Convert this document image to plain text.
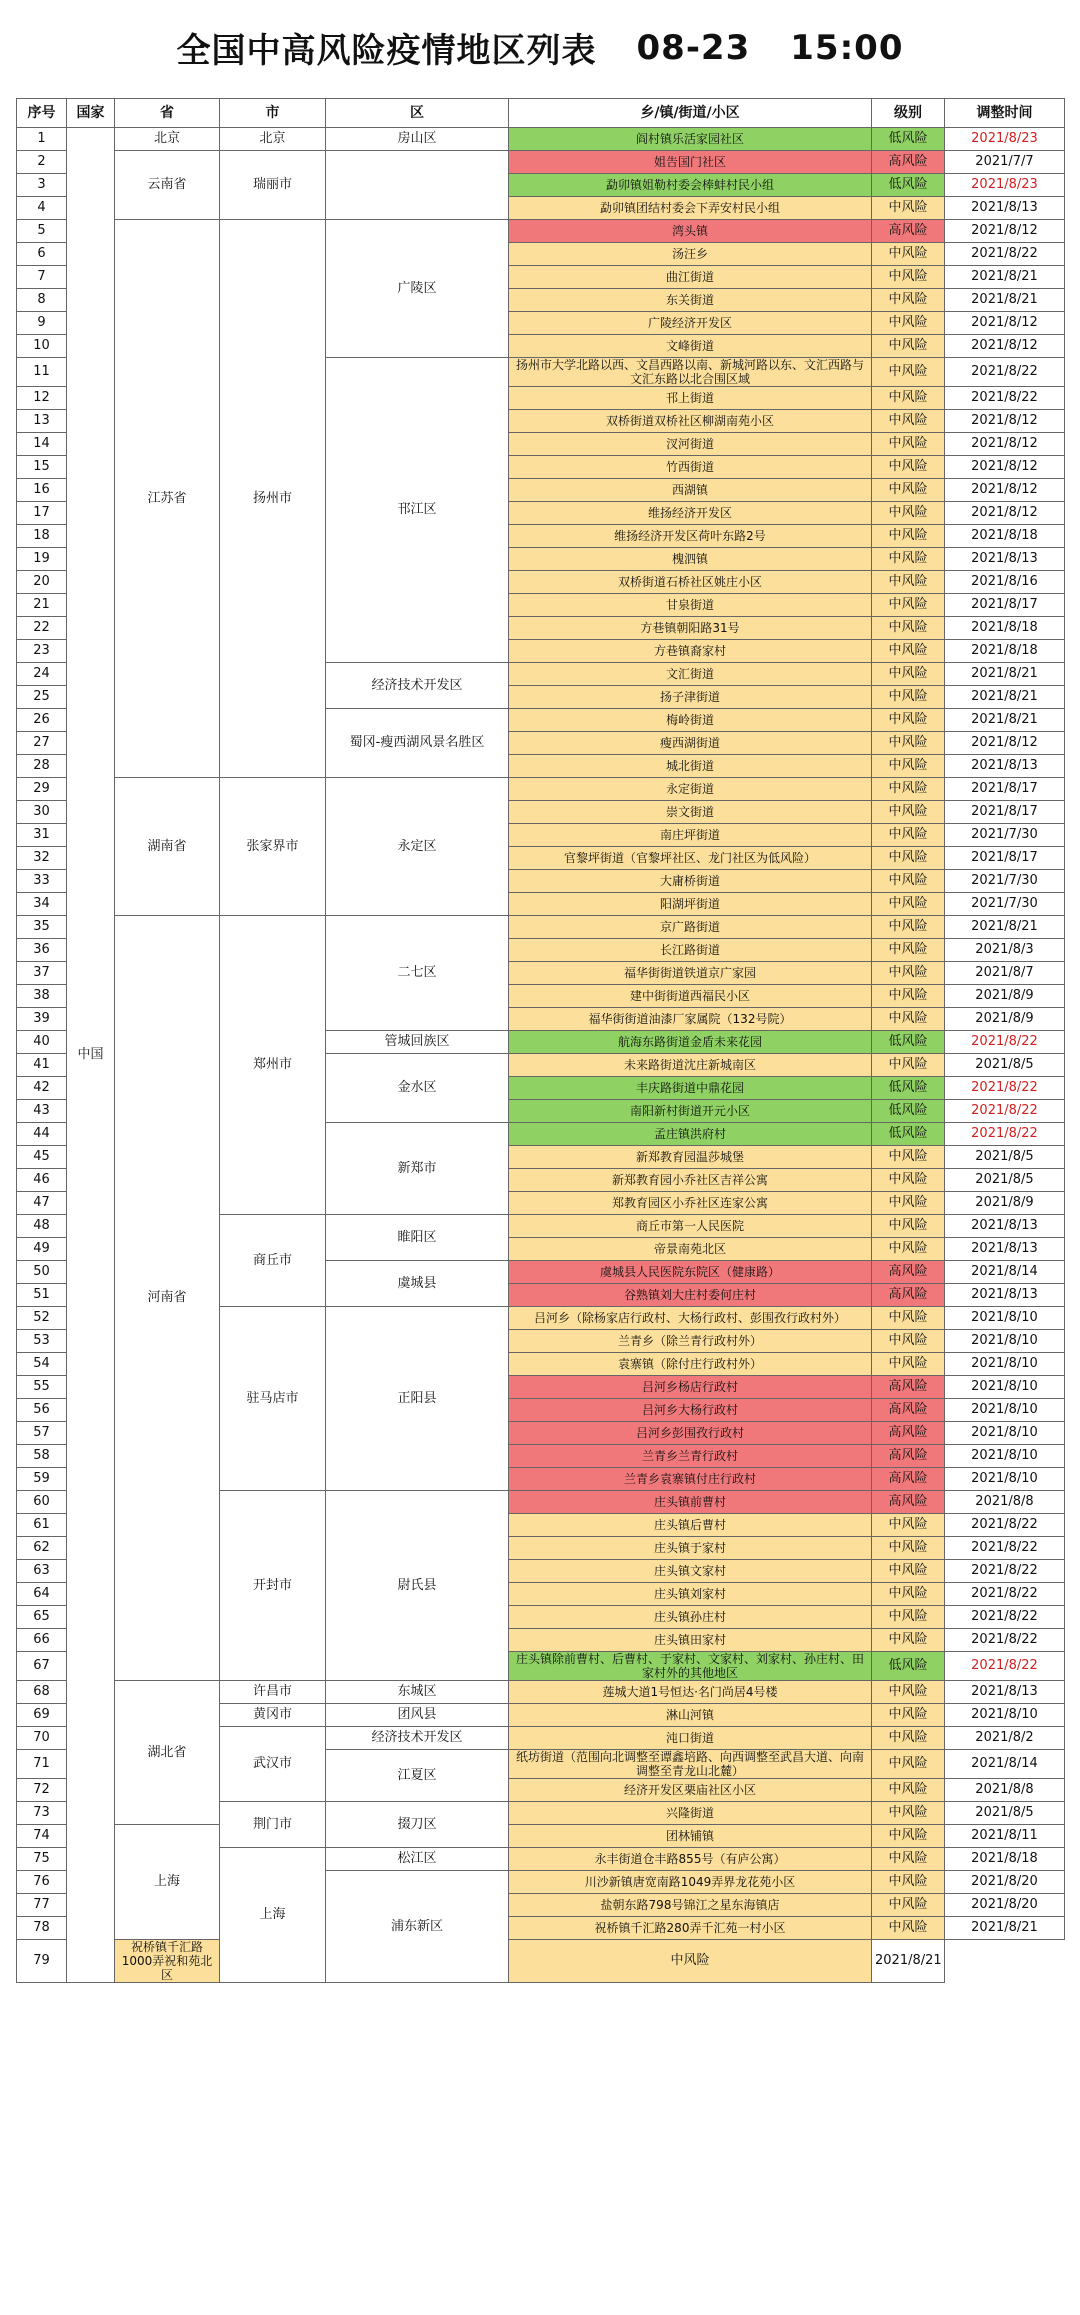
全国中高风险疫情地区列表 08-23 15:00
序号	国家	省	市	区	乡/镇/街道/小区	级别	调整时间
1	中国	北京	北京	房山区	阎村镇乐活家园社区	低风险	2021/8/23
2		云南省	瑞丽市		姐告国门社区	高风险	2021/7/7
3					勐卯镇姐勒村委会棒蚌村民小组	低风险	2021/8/23
4					勐卯镇团结村委会下弄安村民小组	中风险	2021/8/13
5		江苏省	扬州市	广陵区	湾头镇	高风险	2021/8/12
6					汤汪乡	中风险	2021/8/22
7					曲江街道	中风险	2021/8/21
8					东关街道	中风险	2021/8/21
9					广陵经济开发区	中风险	2021/8/12
10					文峰街道	中风险	2021/8/12
11				邗江区	扬州市大学北路以西、文昌西路以南、新城河路以东、文汇西路与文汇东路以北合围区域	中风险	2021/8/22
12					邗上街道	中风险	2021/8/22
13					双桥街道双桥社区柳湖南苑小区	中风险	2021/8/12
14					汊河街道	中风险	2021/8/12
15					竹西街道	中风险	2021/8/12
16					西湖镇	中风险	2021/8/12
17					维扬经济开发区	中风险	2021/8/12
18					维扬经济开发区荷叶东路2号	中风险	2021/8/18
19					槐泗镇	中风险	2021/8/13
20					双桥街道石桥社区姚庄小区	中风险	2021/8/16
21					甘泉街道	中风险	2021/8/17
22					方巷镇朝阳路31号	中风险	2021/8/18
23					方巷镇裔家村	中风险	2021/8/18
24				经济技术开发区	文汇街道	中风险	2021/8/21
25					扬子津街道	中风险	2021/8/21
26				蜀冈-瘦西湖风景名胜区	梅岭街道	中风险	2021/8/21
27					瘦西湖街道	中风险	2021/8/12
28					城北街道	中风险	2021/8/13
29		湖南省	张家界市	永定区	永定街道	中风险	2021/8/17
30					崇文街道	中风险	2021/8/17
31					南庄坪街道	中风险	2021/7/30
32					官黎坪街道（官黎坪社区、龙门社区为低风险）	中风险	2021/8/17
33					大庸桥街道	中风险	2021/7/30
34					阳湖坪街道	中风险	2021/7/30
35		河南省	郑州市	二七区	京广路街道	中风险	2021/8/21
36					长江路街道	中风险	2021/8/3
37					福华街街道铁道京广家园	中风险	2021/8/7
38					建中街街道西福民小区	中风险	2021/8/9
39					福华街街道油漆厂家属院（132号院）	中风险	2021/8/9
40				管城回族区	航海东路街道金盾未来花园	低风险	2021/8/22
41				金水区	未来路街道沈庄新城南区	中风险	2021/8/5
42					丰庆路街道中鼎花园	低风险	2021/8/22
43					南阳新村街道开元小区	低风险	2021/8/22
44				新郑市	孟庄镇洪府村	低风险	2021/8/22
45					新郑教育园温莎城堡	中风险	2021/8/5
46					新郑教育园小乔社区吉祥公寓	中风险	2021/8/5
47					郑教育园区小乔社区连家公寓	中风险	2021/8/9
48			商丘市	睢阳区	商丘市第一人民医院	中风险	2021/8/13
49					帝景南苑北区	中风险	2021/8/13
50				虞城县	虞城县人民医院东院区（健康路）	高风险	2021/8/14
51					谷熟镇刘大庄村委何庄村	高风险	2021/8/13
52			驻马店市	正阳县	吕河乡（除杨家店行政村、大杨行政村、彭围孜行政村外）	中风险	2021/8/10
53					兰青乡（除兰青行政村外）	中风险	2021/8/10
54					袁寨镇（除付庄行政村外）	中风险	2021/8/10
55					吕河乡杨店行政村	高风险	2021/8/10
56					吕河乡大杨行政村	高风险	2021/8/10
57					吕河乡彭围孜行政村	高风险	2021/8/10
58					兰青乡兰青行政村	高风险	2021/8/10
59					兰青乡袁寨镇付庄行政村	高风险	2021/8/10
60			开封市	尉氏县	庄头镇前曹村	高风险	2021/8/8
61					庄头镇后曹村	中风险	2021/8/22
62					庄头镇于家村	中风险	2021/8/22
63					庄头镇文家村	中风险	2021/8/22
64					庄头镇刘家村	中风险	2021/8/22
65					庄头镇孙庄村	中风险	2021/8/22
66					庄头镇田家村	中风险	2021/8/22
67					庄头镇除前曹村、后曹村、于家村、文家村、刘家村、孙庄村、田家村外的其他地区	低风险	2021/8/22
68		湖北省	许昌市	东城区	莲城大道1号恒达·名门尚居4号楼	中风险	2021/8/13
69			黄冈市	团风县	淋山河镇	中风险	2021/8/10
70			武汉市	经济技术开发区	沌口街道	中风险	2021/8/2
71				江夏区	纸坊街道（范围向北调整至谭鑫培路、向西调整至武昌大道、向南调整至青龙山北麓）	中风险	2021/8/14
72					经济开发区栗庙社区小区	中风险	2021/8/8
73			荆门市	掇刀区	兴隆街道	中风险	2021/8/5
74		上海			团林铺镇	中风险	2021/8/11
75			上海	松江区	永丰街道仓丰路855号（有庐公寓）	中风险	2021/8/18
76				浦东新区	川沙新镇唐宽南路1049弄界龙花苑小区	中风险	2021/8/20
77					盐朝东路798号锦江之星东海镇店	中风险	2021/8/20
78					祝桥镇千汇路280弄千汇苑一村小区	中风险	2021/8/21
79		祝桥镇千汇路1000弄祝和苑北区			中风险	2021/8/21	
